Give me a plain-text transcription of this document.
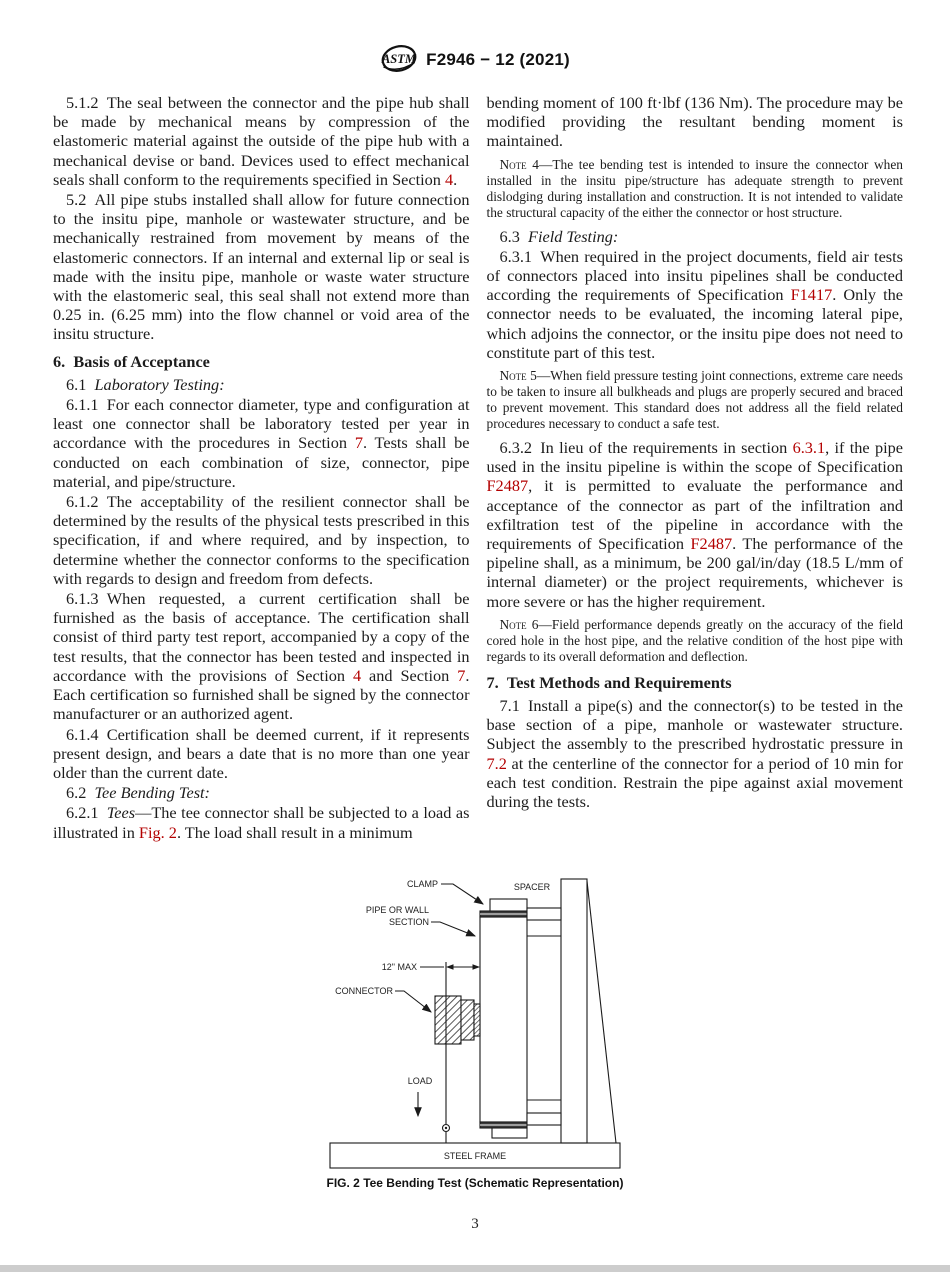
ASTM F2946 − 12 (2021)

5.1.2 The seal between the connector and the pipe hub shall be made by mechanical means by compression of the elastomeric material against the outside of the pipe hub with a mechanical devise or band. Devices used to effect mechanical seals shall conform to the requirements specified in Section 4.

5.2 All pipe stubs installed shall allow for future connection to the insitu pipe, manhole or wastewater structure, and be mechanically restrained from movement by means of the elastomeric connectors. If an internal and external lip or seal is made with the insitu pipe, manhole or waste water structure with the elastomeric seal, this seal shall not extend more than 0.25 in. (6.25 mm) into the flow channel or void area of the insitu structure.

6. Basis of Acceptance

6.1 Laboratory Testing:

6.1.1 For each connector diameter, type and configuration at least one connector shall be laboratory tested per year in accordance with the procedures in Section 7. Tests shall be conducted on each combination of size, connector, pipe material, and pipe/structure.

6.1.2 The acceptability of the resilient connector shall be determined by the results of the physical tests prescribed in this specification, if and where required, and by inspection, to determine whether the connector conforms to the specification with regards to design and freedom from defects.

6.1.3 When requested, a current certification shall be furnished as the basis of acceptance. The certification shall consist of third party test report, accompanied by a copy of the test results, that the connector has been tested and inspected in accordance with the provisions of Section 4 and Section 7. Each certification so furnished shall be signed by the connector manufacturer or an authorized agent.

6.1.4 Certification shall be deemed current, if it represents present design, and bears a date that is no more than one year older than the current date.

6.2 Tee Bending Test:

6.2.1 Tees—The tee connector shall be subjected to a load as illustrated in Fig. 2. The load shall result in a minimum

bending moment of 100 ft·lbf (136 Nm). The procedure may be modified providing the resultant bending moment is maintained.

Note 4—The tee bending test is intended to insure the connector when installed in the insitu pipe/structure has adequate strength to prevent dislodging during installation and construction. It is not intended to validate the structural capacity of the either the connector or host structure.

6.3 Field Testing:

6.3.1 When required in the project documents, field air tests of connectors placed into insitu pipelines shall be conducted according the requirements of Specification F1417. Only the connector needs to be evaluated, the incoming lateral pipe, which adjoins the connector, or the insitu pipe does not need to constitute part of this test.

Note 5—When field pressure testing joint connections, extreme care needs to be taken to insure all bulkheads and plugs are properly secured and braced to prevent movement. This standard does not address all the field related procedures necessary to conduct a safe test.

6.3.2 In lieu of the requirements in section 6.3.1, if the pipe used in the insitu pipeline is within the scope of Specification F2487, it is permitted to evaluate the performance and acceptance of the connector as part of the infiltration and exfiltration test of the pipeline in accordance with the requirements of Specification F2487. The performance of the pipeline shall, as a minimum, be 200 gal/in/day (18.5 L/mm of internal diameter) or the project requirements, whichever is more severe or has the higher requirement.

Note 6—Field performance depends greatly on the accuracy of the field cored hole in the host pipe, and the relative condition of the host pipe with regards to its overall deformation and deflection.

7. Test Methods and Requirements

7.1 Install a pipe(s) and the connector(s) to be tested in the base section of a pipe, manhole or wastewater structure. Subject the assembly to the prescribed hydrostatic pressure in 7.2 at the centerline of the connector for a period of 10 min for each test condition. Restrain the pipe against axial movement during the tests.

CLAMP	SPACER
PIPE OR WALL
SECTION
12" MAX
CONNECTOR
LOAD
STEEL FRAME
FIG. 2 Tee Bending Test (Schematic Representation)
3
